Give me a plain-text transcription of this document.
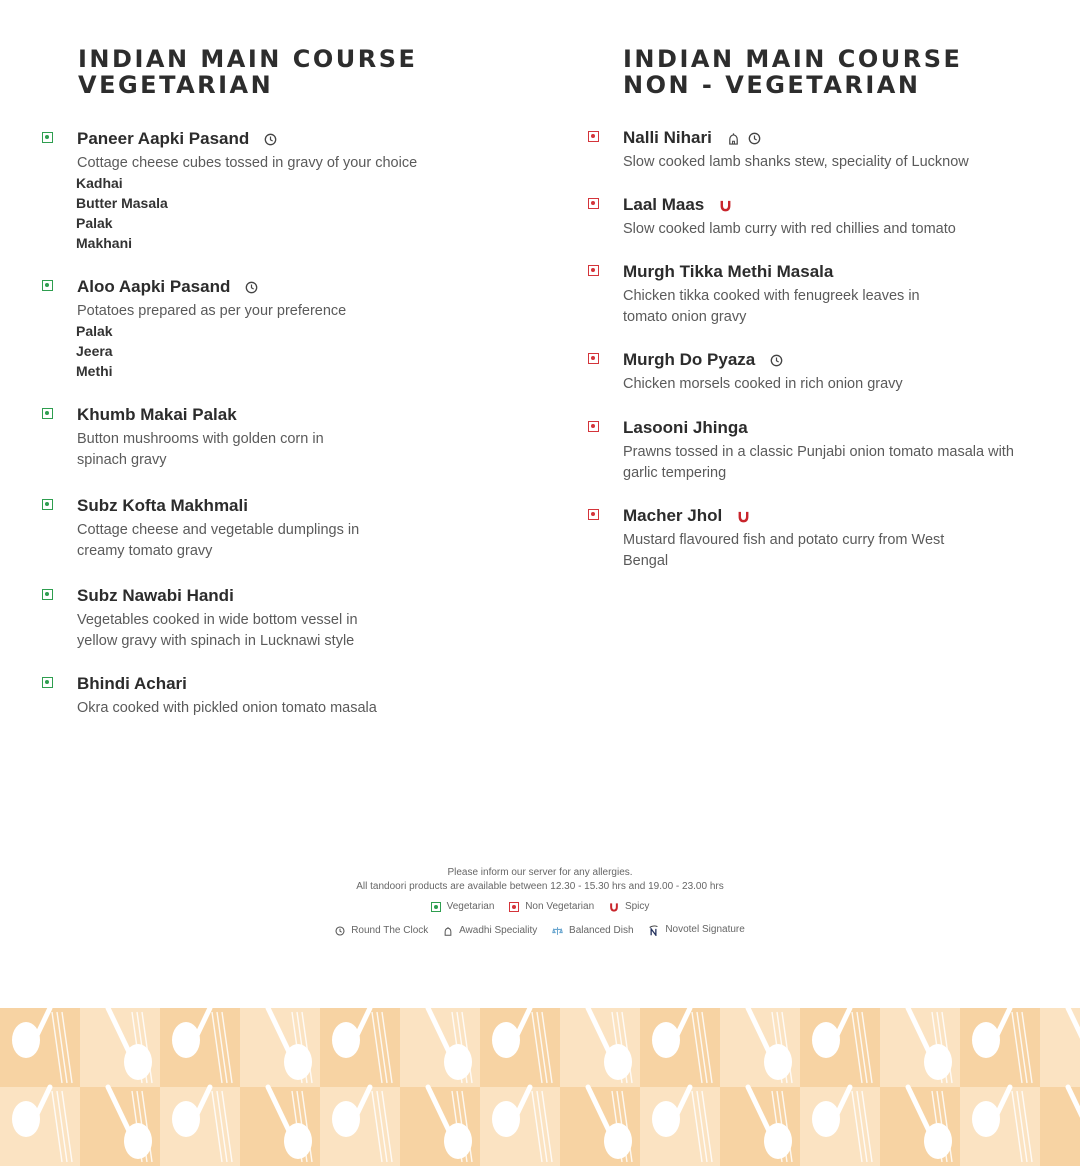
INDIAN MAIN COURSE
VEGETARIAN
Paneer Aapki Pasand

Cottage cheese cubes tossed in gravy of your choice

Kadhai
Butter Masala
Palak
Makhani
Aloo Aapki Pasand

Potatoes prepared as per your preference

Palak
Jeera
Methi
Khumb Makai Palak

Button mushrooms with golden corn in spinach gravy

Subz Kofta Makhmali

Cottage cheese and vegetable dumplings in creamy tomato gravy

Subz Nawabi Handi

Vegetables cooked in wide bottom vessel in yellow gravy with spinach in Lucknawi style

Bhindi Achari

Okra cooked with pickled onion tomato masala

INDIAN MAIN COURSE
NON - VEGETARIAN
Nalli Nihari

Slow cooked lamb shanks stew, speciality of Lucknow

Laal Maas

Slow cooked lamb curry with red chillies and tomato

Murgh Tikka Methi Masala

Chicken tikka cooked with fenugreek leaves in tomato onion gravy

Murgh Do Pyaza

Chicken morsels cooked in rich onion gravy

Lasooni Jhinga

Prawns tossed in a classic Punjabi onion tomato masala with garlic tempering

Macher Jhol

Mustard flavoured fish and potato curry from West Bengal

Please inform our server for any allergies.

All tandoori products are available between 12.30 - 15.30 hrs and 19.00 - 23.00 hrs

Vegetarian
	Non Vegetarian
	Spicy
Round The Clock
	Awadhi Speciality
	Balanced Dish
	Novotel Signature
